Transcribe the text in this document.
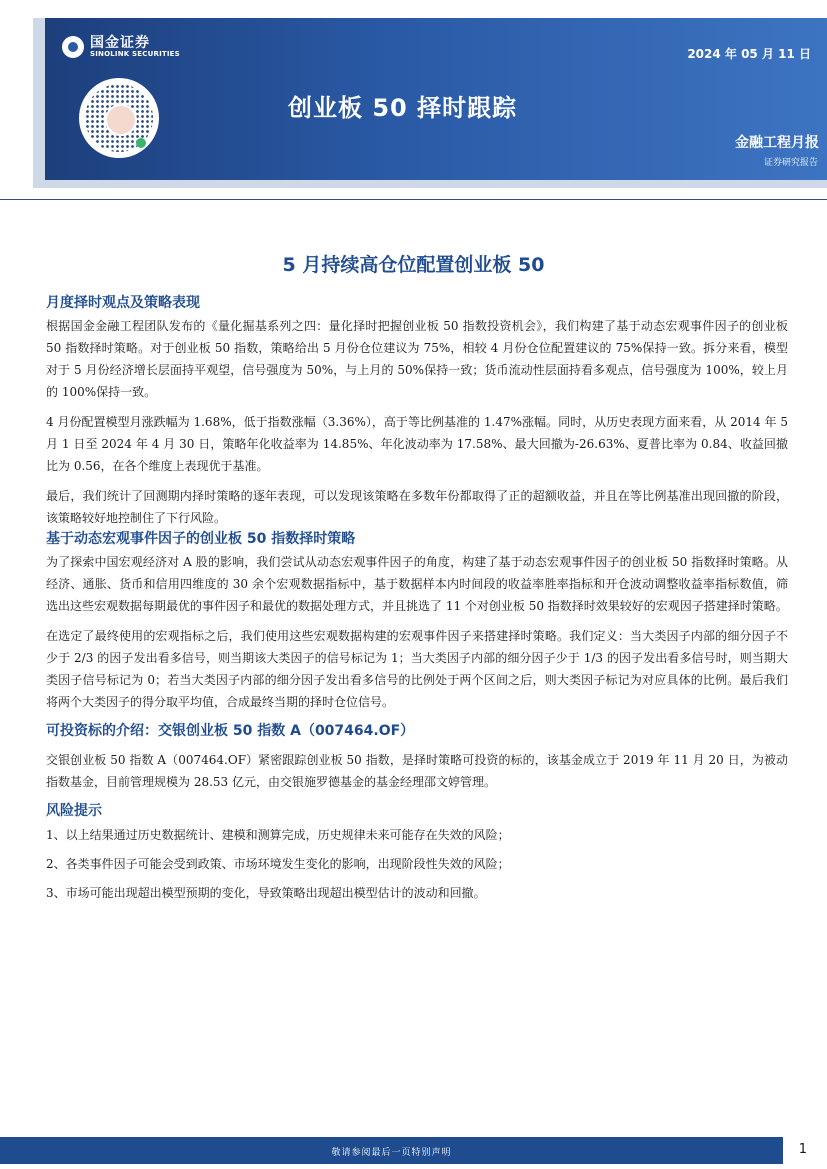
国金证券
SINOLINK SECURITIES	2024 年 05 月 11 日
创业板 50 择时跟踪
金融工程月报
证券研究报告
5 月持续高仓位配置创业板 50
月度择时观点及策略表现

根据国金金融工程团队发布的《量化掘基系列之四：量化择时把握创业板 50 指数投资机会》，我们构建了基于动态宏观事件因子的创业板 50 指数择时策略。对于创业板 50 指数，策略给出 5 月份仓位建议为 75%，相较 4 月份仓位配置建议的 75%保持一致。拆分来看，模型对于 5 月份经济增长层面持平观望，信号强度为 50%，与上月的 50%保持一致；货币流动性层面持看多观点，信号强度为 100%，较上月的 100%保持一致。

4 月份配置模型月涨跌幅为 1.68%，低于指数涨幅（3.36%），高于等比例基准的 1.47%涨幅。同时，从历史表现方面来看，从 2014 年 5 月 1 日至 2024 年 4 月 30 日，策略年化收益率为 14.85%、年化波动率为 17.58%、最大回撤为-26.63%、夏普比率为 0.84、收益回撤比为 0.56，在各个维度上表现优于基准。

最后，我们统计了回测期内择时策略的逐年表现，可以发现该策略在多数年份都取得了正的超额收益，并且在等比例基准出现回撤的阶段，该策略较好地控制住了下行风险。

基于动态宏观事件因子的创业板 50 指数择时策略

为了探索中国宏观经济对 A 股的影响，我们尝试从动态宏观事件因子的角度，构建了基于动态宏观事件因子的创业板 50 指数择时策略。从经济、通胀、货币和信用四维度的 30 余个宏观数据指标中，基于数据样本内时间段的收益率胜率指标和开仓波动调整收益率指标数值，筛选出这些宏观数据每期最优的事件因子和最优的数据处理方式，并且挑选了 11 个对创业板 50 指数择时效果较好的宏观因子搭建择时策略。

在选定了最终使用的宏观指标之后，我们使用这些宏观数据构建的宏观事件因子来搭建择时策略。我们定义：当大类因子内部的细分因子不少于 2/3 的因子发出看多信号，则当期该大类因子的信号标记为 1；当大类因子内部的细分因子少于 1/3 的因子发出看多信号时，则当期大类因子信号标记为 0；若当大类因子内部的细分因子发出看多信号的比例处于两个区间之后，则大类因子标记为对应具体的比例。最后我们将两个大类因子的得分取平均值，合成最终当期的择时仓位信号。

可投资标的介绍：交银创业板 50 指数 A（007464.OF）

交银创业板 50 指数 A（007464.OF）紧密跟踪创业板 50 指数，是择时策略可投资的标的，该基金成立于 2019 年 11 月 20 日，为被动指数基金，目前管理规模为 28.53 亿元，由交银施罗德基金的基金经理邵文婷管理。

风险提示

1、以上结果通过历史数据统计、建模和测算完成，历史规律未来可能存在失效的风险；

2、各类事件因子可能会受到政策、市场环境发生变化的影响，出现阶段性失效的风险；

3、市场可能出现超出模型预期的变化，导致策略出现超出模型估计的波动和回撤。

敬请参阅最后一页特别声明	1
